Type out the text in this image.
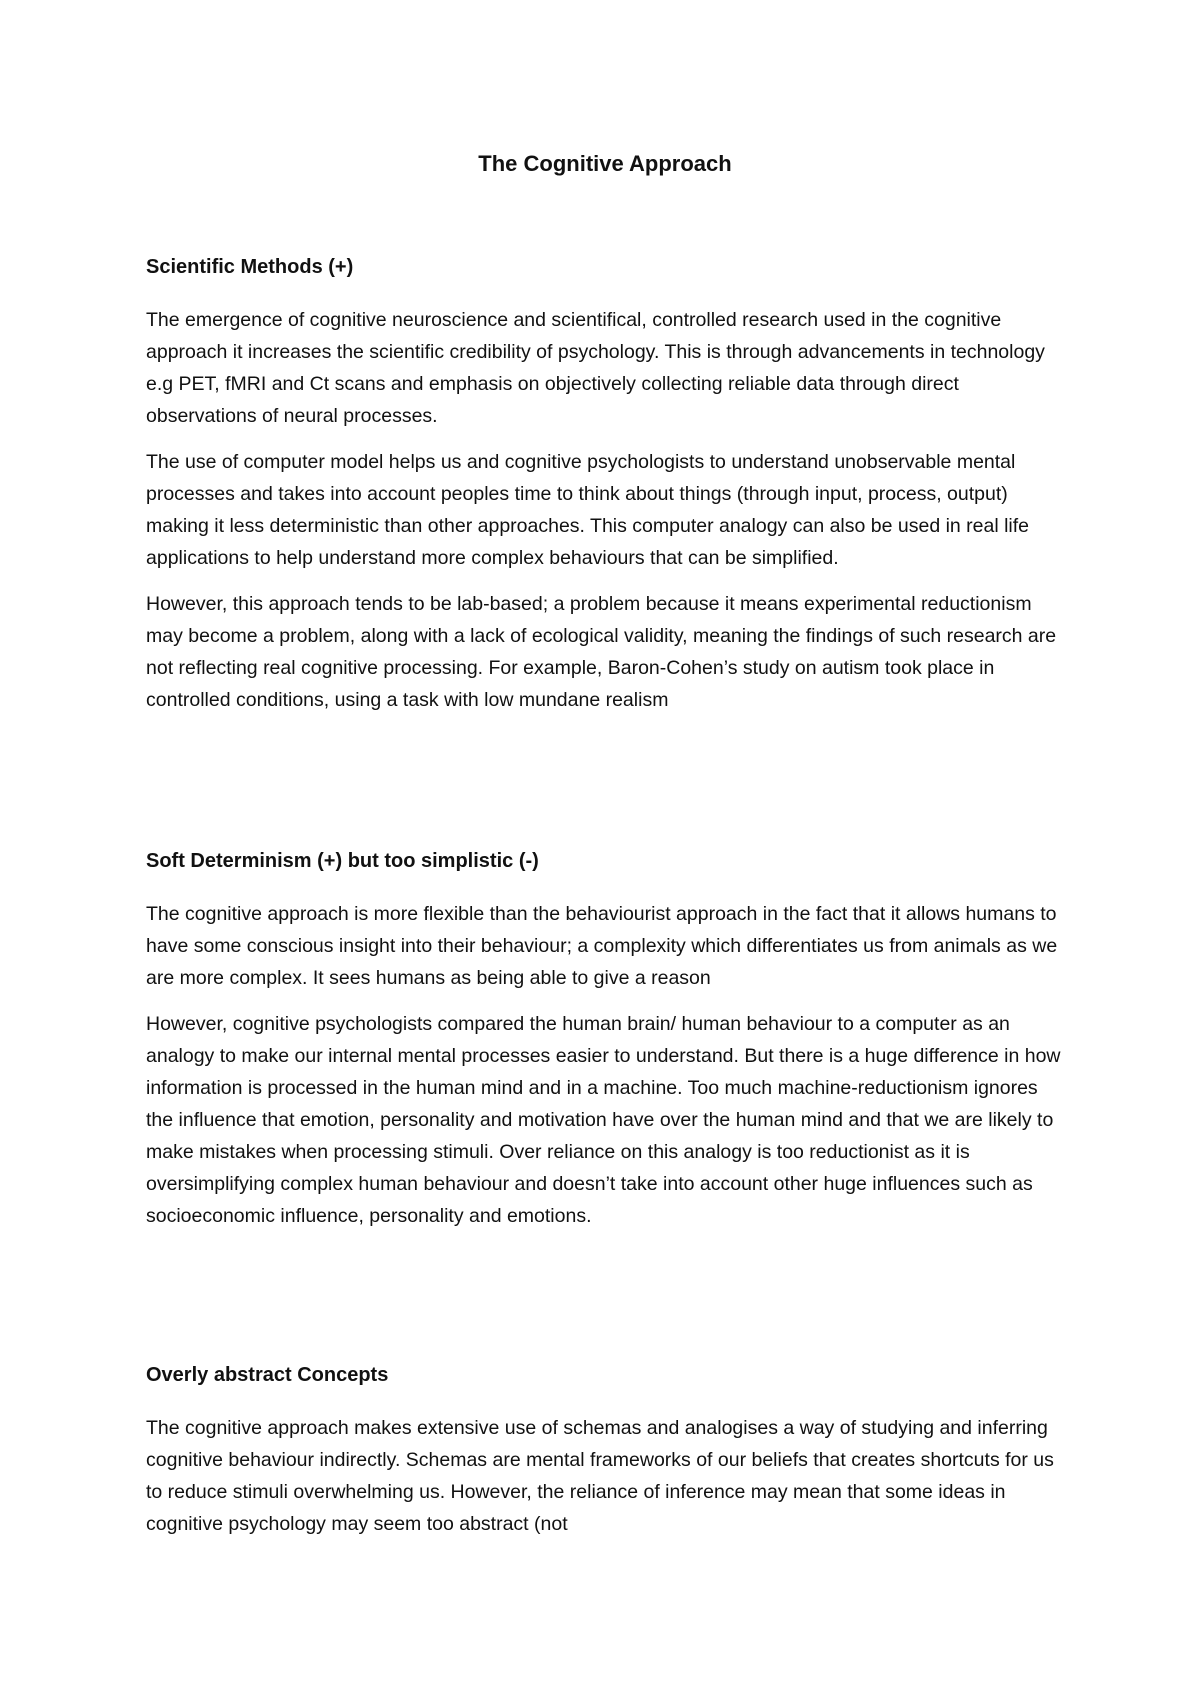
The Cognitive Approach
Scientific Methods (+)

The emergence of cognitive neuroscience and scientifical, controlled research used in the cognitive approach it increases the scientific credibility of psychology. This is through advancements in technology e.g PET, fMRI and Ct scans and emphasis on objectively collecting reliable data through direct observations of neural processes.

The use of computer model helps us and cognitive psychologists to understand unobservable mental processes and takes into account peoples time to think about things (through input, process, output) making it less deterministic than other approaches. This computer analogy can also be used in real life applications to help understand more complex behaviours that can be simplified.

However, this approach tends to be lab-based; a problem because it means experimental reductionism may become a problem, along with a lack of ecological validity, meaning the findings of such research are not reflecting real cognitive processing. For example, Baron-Cohen’s study on autism took place in controlled conditions, using a task with low mundane realism

Soft Determinism (+) but too simplistic (-)

The cognitive approach is more flexible than the behaviourist approach in the fact that it allows humans to have some conscious insight into their behaviour; a complexity which differentiates us from animals as we are more complex. It sees humans as being able to give a reason

However, cognitive psychologists compared the human brain/ human behaviour to a computer as an analogy to make our internal mental processes easier to understand. But there is a huge difference in how information is processed in the human mind and in a machine. Too much machine-reductionism ignores the influence that emotion, personality and motivation have over the human mind and that we are likely to make mistakes when processing stimuli. Over reliance on this analogy is too reductionist as it is oversimplifying complex human behaviour and doesn’t take into account other huge influences such as socioeconomic influence, personality and emotions.

Overly abstract Concepts

The cognitive approach makes extensive use of schemas and analogises a way of studying and inferring cognitive behaviour indirectly. Schemas are mental frameworks of our beliefs that creates shortcuts for us to reduce stimuli overwhelming us. However, the reliance of inference may mean that some ideas in cognitive psychology may seem too abstract (not
